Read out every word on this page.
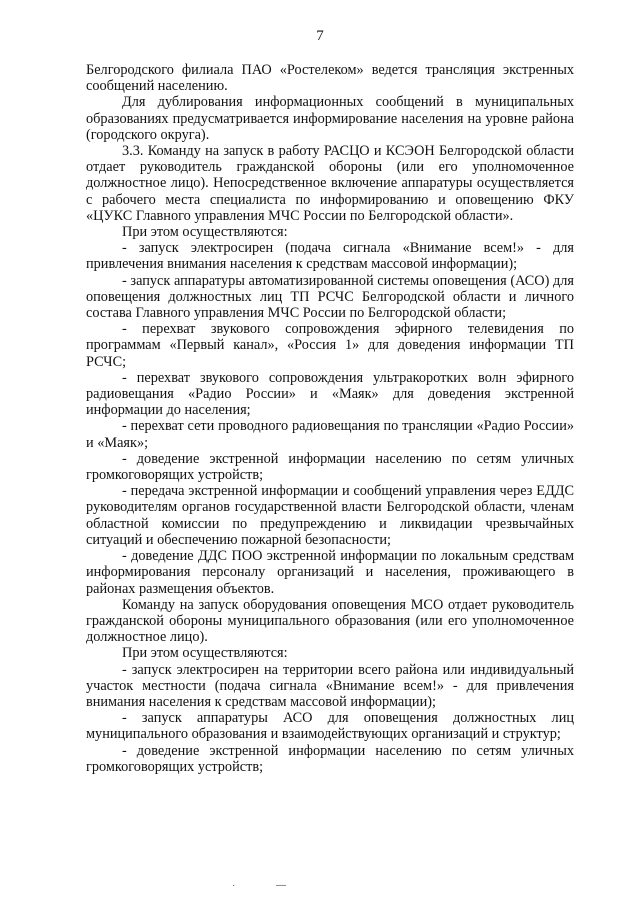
7

Белгородского филиала ПАО «Ростелеком» ведется трансляция экстренных сообщений населению.

Для дублирования информационных сообщений в муниципальных образованиях предусматривается информирование населения на уровне района (городского округа).

3.3. Команду на запуск в работу РАСЦО и КСЭОН Белгородской области отдает руководитель гражданской обороны (или его уполномоченное должностное лицо). Непосредственное включение аппаратуры осуществляется с рабочего места специалиста по информированию и оповещению ФКУ «ЦУКС Главного управления МЧС России по Белгородской области».

При этом осуществляются:

- запуск электросирен (подача сигнала «Внимание всем!» - для привлечения внимания населения к средствам массовой информации);

- запуск аппаратуры автоматизированной системы оповещения (АСО) для оповещения должностных лиц ТП РСЧС Белгородской области и личного состава Главного управления МЧС России по Белгородской области;

- перехват звукового сопровождения эфирного телевидения по программам «Первый канал», «Россия 1» для доведения информации ТП РСЧС;

- перехват звукового сопровождения ультракоротких волн эфирного радиовещания «Радио России» и «Маяк» для доведения экстренной информации до населения;

- перехват сети проводного радиовещания по трансляции «Радио России» и «Маяк»;

- доведение экстренной информации населению по сетям уличных громкоговорящих устройств;

- передача экстренной информации и сообщений управления через ЕДДС руководителям органов государственной власти Белгородской области, членам областной комиссии по предупреждению и ликвидации чрезвычайных ситуаций и обеспечению пожарной безопасности;

- доведение ДДС ПОО экстренной информации по локальным средствам информирования персоналу организаций и населения, проживающего в районах размещения объектов.

Команду на запуск оборудования оповещения МСО отдает руководитель гражданской обороны муниципального образования (или его уполномоченное должностное лицо).

При этом осуществляются:

- запуск электросирен на территории всего района или индивидуальный участок местности (подача сигнала «Внимание всем!» - для привлечения внимания населения к средствам массовой информации);

- запуск аппаратуры АСО для оповещения должностных лиц муниципального образования и взаимодействующих организаций и структур;

- доведение экстренной информации населению по сетям уличных громкоговорящих устройств;

·	—
